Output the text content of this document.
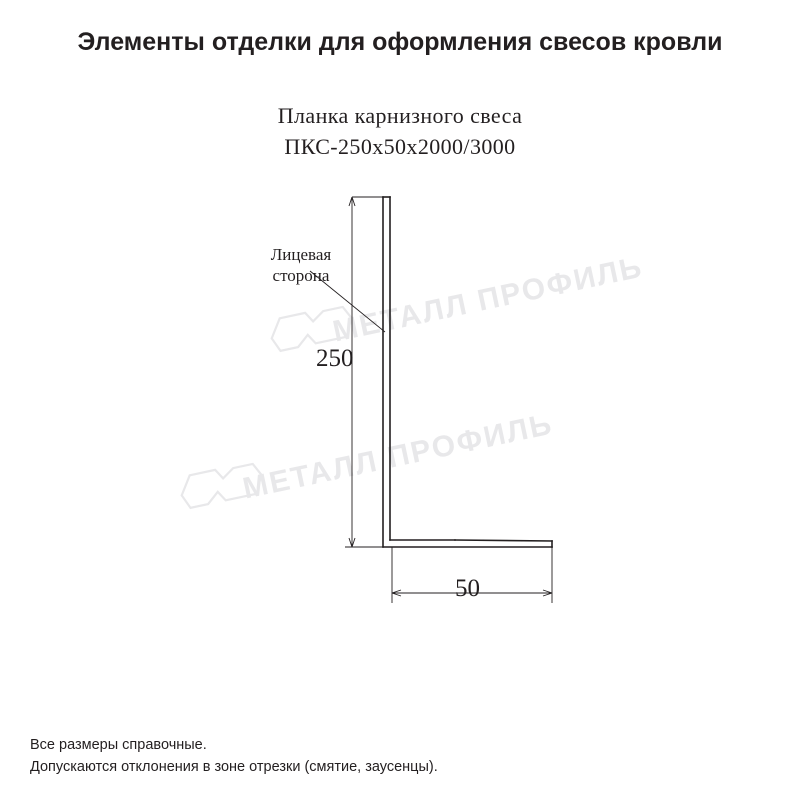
Элементы отделки для оформления свесов кровли
Планка карнизного свеса
ПКС-250х50х2000/3000
МЕТАЛЛ ПРОФИЛЬ
МЕТАЛЛ ПРОФИЛЬ
Лицевая
сторона
250
50
Все размеры справочные.
Допускаются отклонения в зоне отрезки (смятие, заусенцы).
